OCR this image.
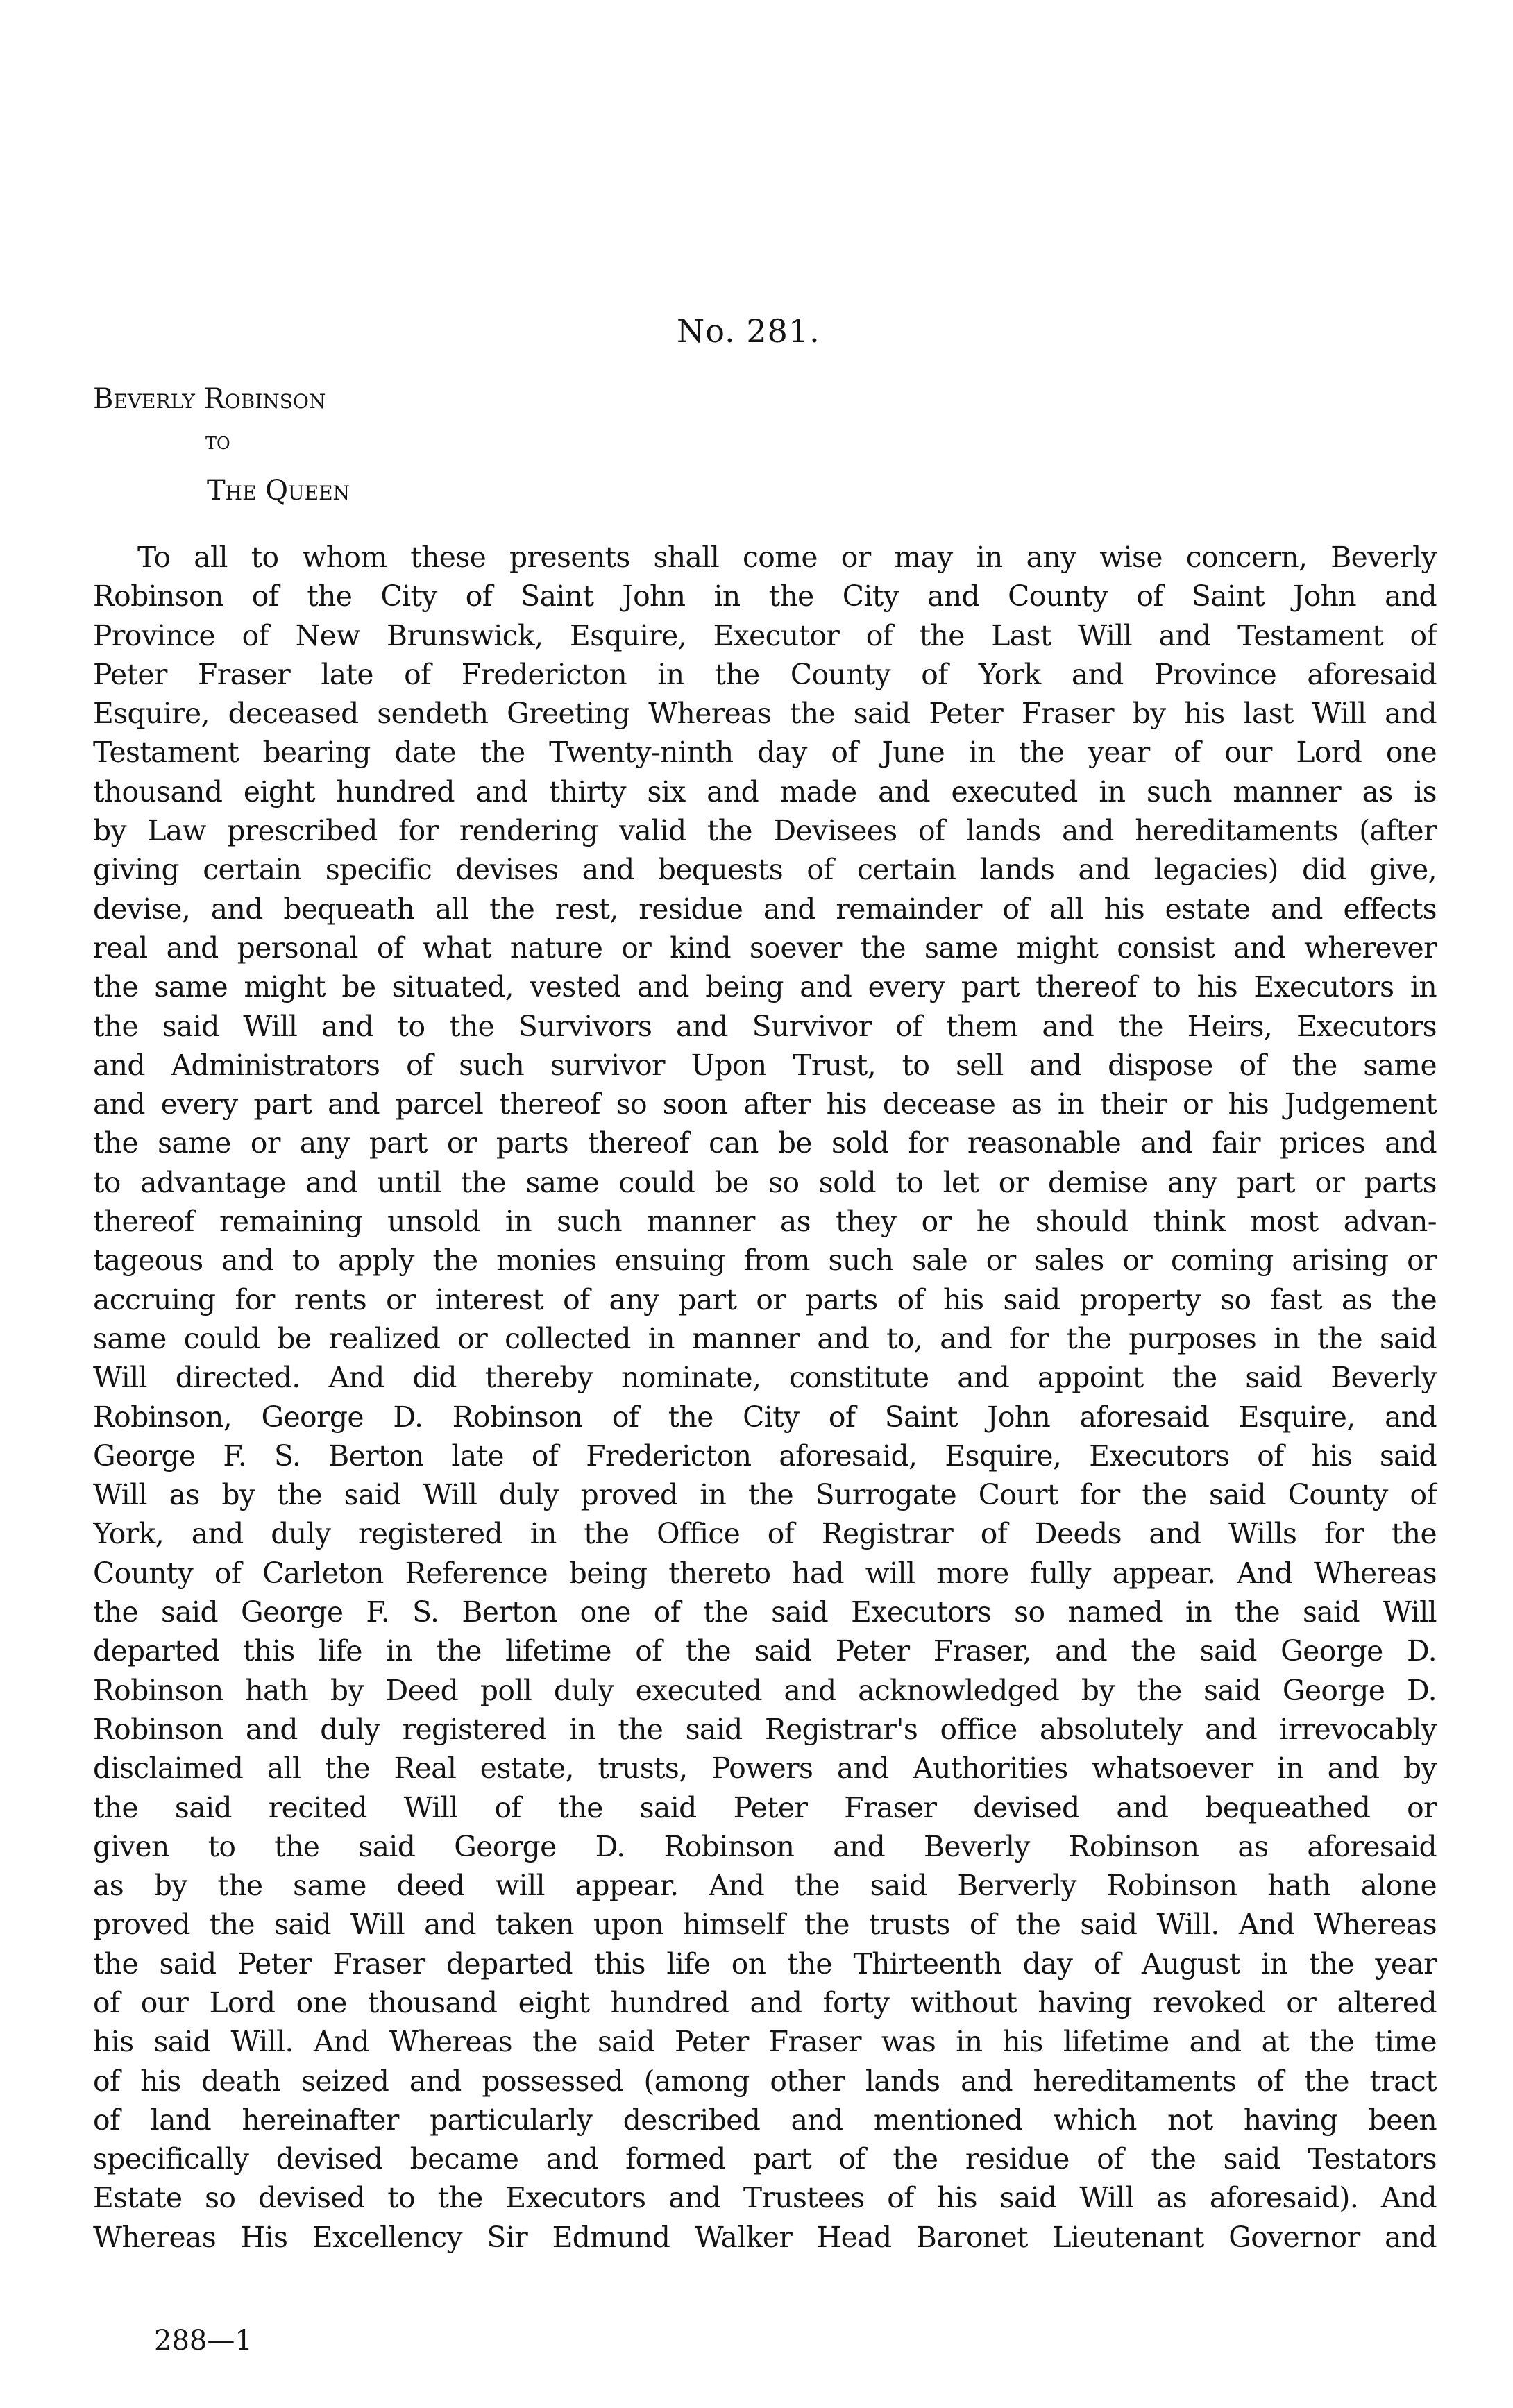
No. 281.
Beverly Robinson
to
The Queen
To all to whom these presents shall come or may in any wise concern, Beverly
Robinson of the City of Saint John in the City and County of Saint John and
Province of New Brunswick, Esquire, Executor of the Last Will and Testament of
Peter Fraser late of Fredericton in the County of York and Province aforesaid
Esquire, deceased sendeth Greeting Whereas the said Peter Fraser by his last Will and
Testament bearing date the Twenty-ninth day of June in the year of our Lord one
thousand eight hundred and thirty six and made and executed in such manner as is
by Law prescribed for rendering valid the Devisees of lands and hereditaments (after
giving certain specific devises and bequests of certain lands and legacies) did give,
devise, and bequeath all the rest, residue and remainder of all his estate and effects
real and personal of what nature or kind soever the same might consist and wherever
the same might be situated, vested and being and every part thereof to his Executors in
the said Will and to the Survivors and Survivor of them and the Heirs, Executors
and Administrators of such survivor Upon Trust, to sell and dispose of the same
and every part and parcel thereof so soon after his decease as in their or his Judgement
the same or any part or parts thereof can be sold for reasonable and fair prices and
to advantage and until the same could be so sold to let or demise any part or parts
thereof remaining unsold in such manner as they or he should think most advan-
tageous and to apply the monies ensuing from such sale or sales or coming arising or
accruing for rents or interest of any part or parts of his said property so fast as the
same could be realized or collected in manner and to, and for the purposes in the said
Will directed. And did thereby nominate, constitute and appoint the said Beverly
Robinson, George D. Robinson of the City of Saint John aforesaid Esquire, and
George F. S. Berton late of Fredericton aforesaid, Esquire, Executors of his said
Will as by the said Will duly proved in the Surrogate Court for the said County of
York, and duly registered in the Office of Registrar of Deeds and Wills for the
County of Carleton Reference being thereto had will more fully appear. And Whereas
the said George F. S. Berton one of the said Executors so named in the said Will
departed this life in the lifetime of the said Peter Fraser, and the said George D.
Robinson hath by Deed poll duly executed and acknowledged by the said George D.
Robinson and duly registered in the said Registrar's office absolutely and irrevocably
disclaimed all the Real estate, trusts, Powers and Authorities whatsoever in and by
the said recited Will of the said Peter Fraser devised and bequeathed or
given to the said George D. Robinson and Beverly Robinson as aforesaid
as by the same deed will appear. And the said Berverly Robinson hath alone
proved the said Will and taken upon himself the trusts of the said Will. And Whereas
the said Peter Fraser departed this life on the Thirteenth day of August in the year
of our Lord one thousand eight hundred and forty without having revoked or altered
his said Will. And Whereas the said Peter Fraser was in his lifetime and at the time
of his death seized and possessed (among other lands and hereditaments of the tract
of land hereinafter particularly described and mentioned which not having been
specifically devised became and formed part of the residue of the said Testators
Estate so devised to the Executors and Trustees of his said Will as aforesaid). And
Whereas His Excellency Sir Edmund Walker Head Baronet Lieutenant Governor and
288—1
